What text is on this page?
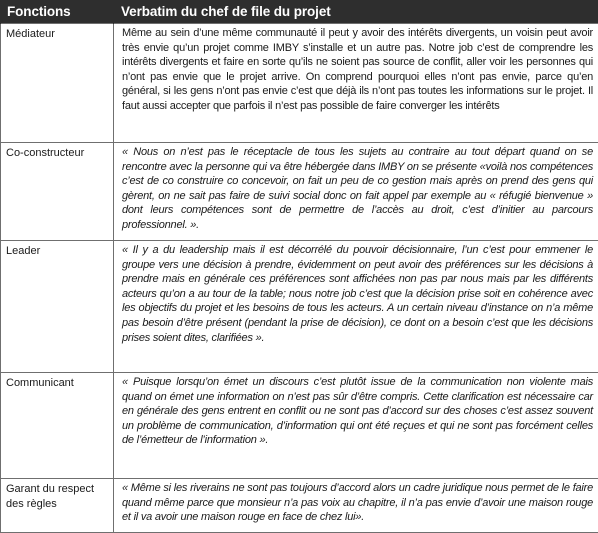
Fonctions	Verbatim du chef de file du projet
Médiateur	Même au sein d’une même communauté il peut y avoir des intérêts divergents, un voisin peut avoir très envie qu’un projet comme IMBY s’installe et un autre pas. Notre job c’est de comprendre les intérêts divergents et faire en sorte qu’ils ne soient pas source de conflit, aller voir les personnes qui n’ont pas envie que le projet arrive. On comprend pourquoi elles n’ont pas envie, parce qu’en général, si les gens n’ont pas envie c’est que déjà ils n’ont pas toutes les informations sur le projet. Il faut aussi accepter que parfois il n’est pas possible de faire converger les intérêts
Co-constructeur	« Nous on n’est pas le réceptacle de tous les sujets au contraire au tout départ quand on se rencontre avec la personne qui va être hébergée dans IMBY on se présente «voilà nos compétences c’est de co construire co concevoir, on fait un peu de co gestion mais après on prend des gens qui gèrent, on ne sait pas faire de suivi social donc on fait appel par exemple au « réfugié bienvenue » dont leurs compétences sont de permettre de l’accès au droit, c’est d’initier au parcours professionnel. ».
Leader	« Il y a du leadership mais il est décorrélé du pouvoir décisionnaire, l’un c’est pour emmener le groupe vers une décision à prendre, évidemment on peut avoir des préférences sur les décisions à prendre mais en générale ces préférences sont affichées non pas par nous mais par les différents acteurs qu’on a au tour de la table; nous notre job c’est que la décision prise soit en cohérence avec les objectifs du projet et les besoins de tous les acteurs. A un certain niveau d’instance on n’a même pas besoin d’être présent (pendant la prise de décision), ce dont on a besoin c’est que les décisions prises soient dites, clarifiées ».
Communicant	« Puisque lorsqu’on émet un discours c’est plutôt issue de la communication non violente mais quand on émet une information on n’est pas sûr d’être compris. Cette clarification est nécessaire car en générale des gens entrent en conflit ou ne sont pas d’accord sur des choses c’est assez souvent un problème de communication, d’information qui ont été reçues et qui ne sont pas forcément celles de l’émetteur de l’information ».
Garant du respect des règles	« Même si les riverains ne sont pas toujours d’accord alors un cadre juridique nous permet de le faire quand même parce que monsieur n’a pas voix au chapitre, il n’a pas envie d’avoir une maison rouge et il va avoir une maison rouge en face de chez lui».
